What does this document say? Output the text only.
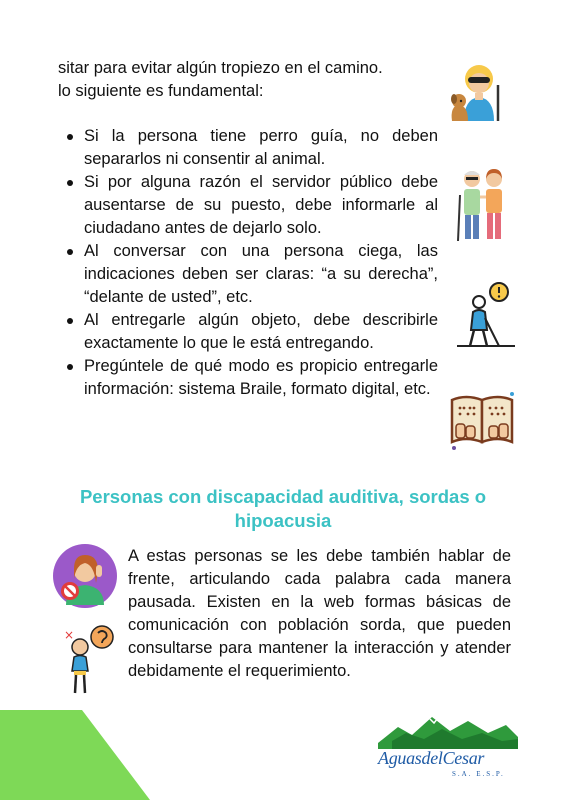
sitar para evitar algún tropiezo en el camino.

lo siguiente es fundamental:

Si la persona tiene perro guía, no deben separarlos ni consentir al animal.
Si por alguna razón el servidor público debe ausentarse de su puesto, debe informarle al ciudadano antes de dejarlo solo.
Al conversar con una persona ciega, las indicaciones deben ser claras: “a su derecha”, “delante de usted”, etc.
Al entregarle algún objeto, debe describirle exactamente lo que le está entregando.
Pregúntele de qué modo es propicio entregarle información: sistema Braile, formato digital, etc.
Personas con discapacidad auditiva, sordas o
hipoacusia
A estas personas se les debe también hablar de frente, articulando cada palabra cada manera pausada. Existen en la web formas básicas de comunicación con población sorda, que pueden consultarse para mantener la interacción y atender debidamente el requerimiento.
×
AguasdelCesar
S.A. E.S.P.
